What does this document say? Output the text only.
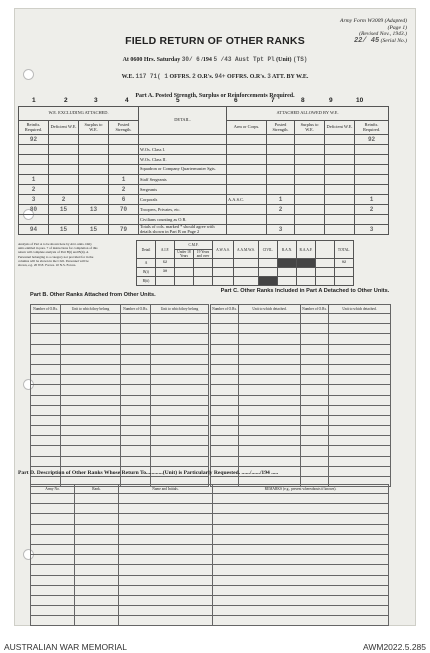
Army Form W3009 (Adapted)
(Page 1)
(Revised Nov., 1943.)
22/ 45 (Serial No.)
FIELD RETURN OF OTHER RANKS
At 0600 Hrs. Saturday 30/ 6 /194 5 /43 Aust Tpt Pl (Unit) (TS)
W.E. 117 71( 1 OFFRS. 2 O.R's. 94+ OFFRS. O.R's. 3 ATT. BY W.E.
Part A. Posted Strength, Surplus or Reinforcements Required.
1	2	3	4	5	6	7	8	9	10
W.E. EXCLUDING ATTACHED.				DETAIL.	ATTACHED ALLOWED BY W.E.				
Reinfts. Required.	Deficient W.E.	Surplus to W.E.	Posted Strength.		Arm or Corps.	Posted Strength.	Surplus to W.E.	Deficient W.E.	Reinfts. Required.
92									92
				W.Os. Class I.					
				W.Os. Class II.					
				Squadron or Company Quartermaster Sgts.					
1			1	Staff Sergeants					
2			2	Sergeants					
3	2		6	Corporals	A.A.S.C.	1			1
80	15	13	70	Troopers, Privates, etc.		2			2
				Civilians counting as O.R.					
94	15	15	79	Totals of cols. marked * should agree with details shown in Part B on Page 2		3			3
Analysis of Part A to be shown here by ALL units. Only units entitled in para. 7 of instructions for completion of this return will complete analysis of Part B(i) and B(ii). A Personnel belonging to a category not provided for in the columns will be shown in the Civil. Personnel will be shown, e.g. 20 W.E. Forces. 10 N.S. Forces.
Detail	A.I.F.	C.M.F.		A.W.A.S.	A.A.M.W.S.	CIVIL.	R.A.N.	R.A.A.F.		TOTAL.
		Under 18 Years	19 Years and over							
A	52									92
B(i)	30									
B(ii)										
Part B. Other Ranks Attached from Other Units.
Part C. Other Ranks Included in Part A Detached to Other Units.
Number of O.Rs.	Unit to which they belong	Number of O.Rs.	Unit to which they belong

				Number of O.Rs.	Unit to which detached.	Number of O.Rs.	Unit to which detached.

Part D. Description of Other Ranks Whose Return To............(Unit) is Particularly Requested. ....../....../194 .....
Army No.	Rank.	Name and Initials.	REMARKS (e.g., present whereabouts if known).

AUSTRALIAN WAR MEMORIAL	AWM2022.5.285
